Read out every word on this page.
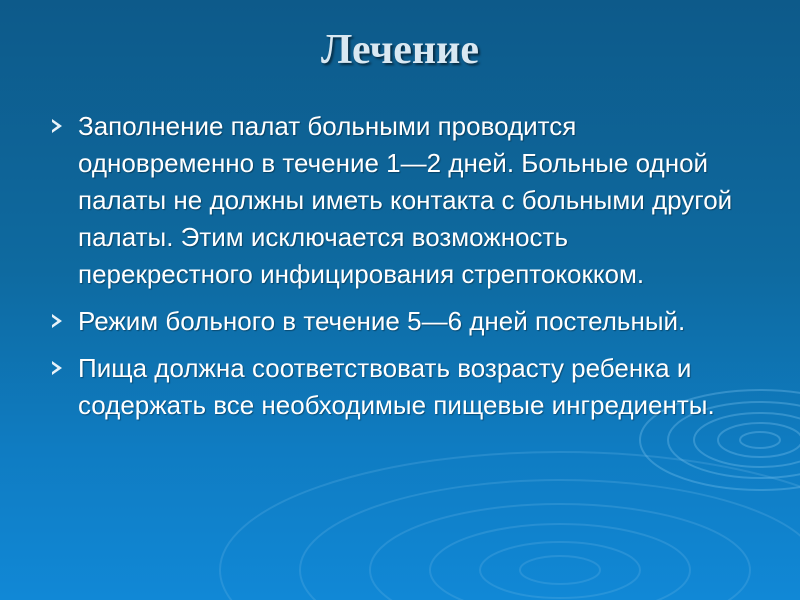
Лечение
Заполнение палат больными проводится одновременно в течение 1—2 дней. Больные одной палаты не должны иметь контакта с больными другой палаты. Этим исключается возможность перекрестного инфицирования стрептококком.
Режим больного в течение 5—6 дней постельный.
Пища должна соответствовать возрасту ребенка и содержать все необходимые пищевые ингредиенты.
